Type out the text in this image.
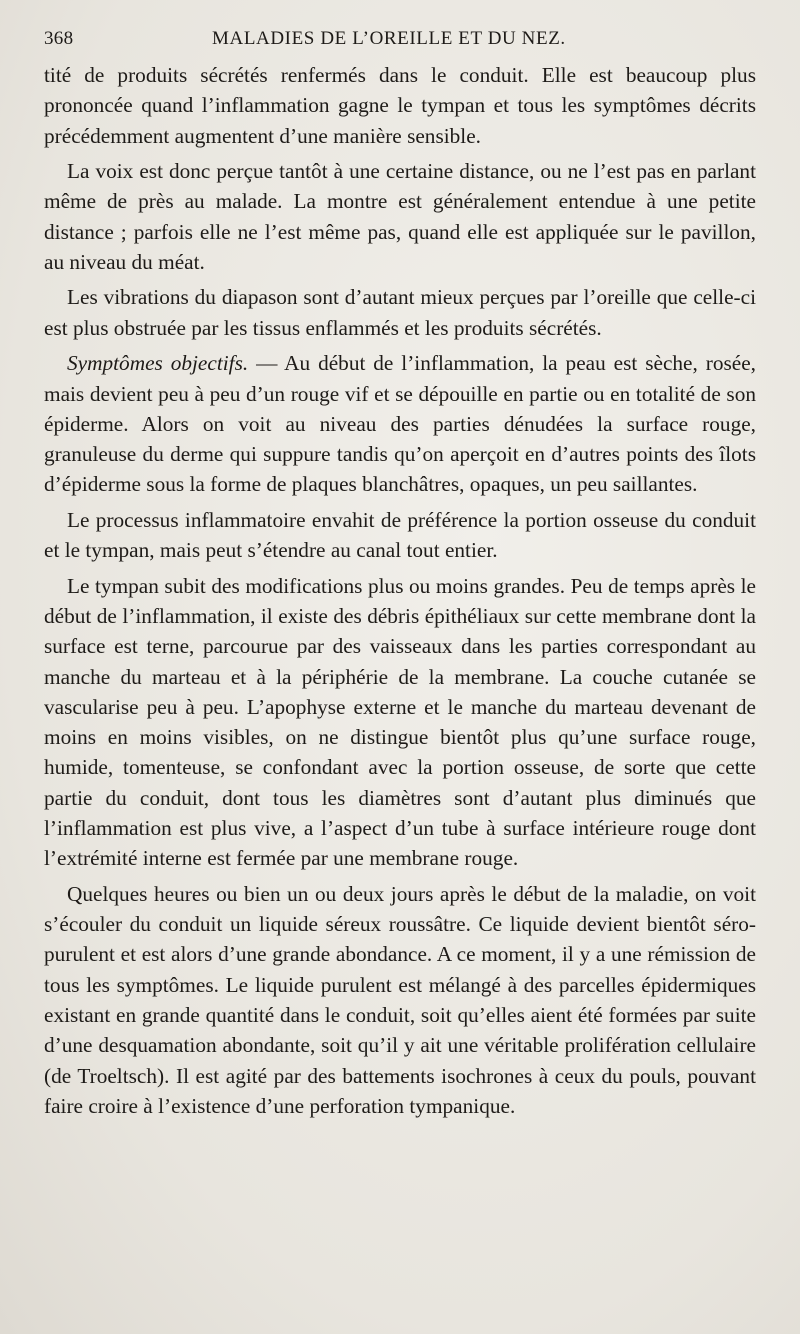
368	MALADIES DE L’OREILLE ET DU NEZ.

tité de produits sécrétés renfermés dans le conduit. Elle est beaucoup plus prononcée quand l’inflammation gagne le tympan et tous les symptômes décrits précédemment augmentent d’une manière sensible.

La voix est donc perçue tantôt à une certaine distance, ou ne l’est pas en parlant même de près au malade. La montre est généralement entendue à une petite distance ; parfois elle ne l’est même pas, quand elle est appliquée sur le pavillon, au niveau du méat.

Les vibrations du diapason sont d’autant mieux perçues par l’oreille que celle-ci est plus obstruée par les tissus enflammés et les produits sécrétés.

Symptômes objectifs. — Au début de l’inflammation, la peau est sèche, rosée, mais devient peu à peu d’un rouge vif et se dépouille en partie ou en totalité de son épiderme. Alors on voit au niveau des parties dénudées la surface rouge, granuleuse du derme qui suppure tandis qu’on aperçoit en d’autres points des îlots d’épiderme sous la forme de plaques blanchâtres, opaques, un peu saillantes.

Le processus inflammatoire envahit de préférence la portion osseuse du conduit et le tympan, mais peut s’étendre au canal tout entier.

Le tympan subit des modifications plus ou moins grandes. Peu de temps après le début de l’inflammation, il existe des débris épithéliaux sur cette membrane dont la surface est terne, parcourue par des vaisseaux dans les parties correspondant au manche du marteau et à la périphérie de la membrane. La couche cutanée se vascularise peu à peu. L’apophyse externe et le manche du marteau devenant de moins en moins visibles, on ne distingue bientôt plus qu’une surface rouge, humide, tomenteuse, se confondant avec la portion osseuse, de sorte que cette partie du conduit, dont tous les diamètres sont d’autant plus diminués que l’inflammation est plus vive, a l’aspect d’un tube à surface intérieure rouge dont l’extrémité interne est fermée par une membrane rouge.

Quelques heures ou bien un ou deux jours après le début de la maladie, on voit s’écouler du conduit un liquide séreux roussâtre. Ce liquide devient bientôt séro-purulent et est alors d’une grande abondance. A ce moment, il y a une rémission de tous les symptômes. Le liquide purulent est mélangé à des parcelles épidermiques existant en grande quantité dans le conduit, soit qu’elles aient été formées par suite d’une desquamation abondante, soit qu’il y ait une véritable prolifération cellulaire (de Troeltsch). Il est agité par des battements isochrones à ceux du pouls, pouvant faire croire à l’existence d’une perforation tympanique.
